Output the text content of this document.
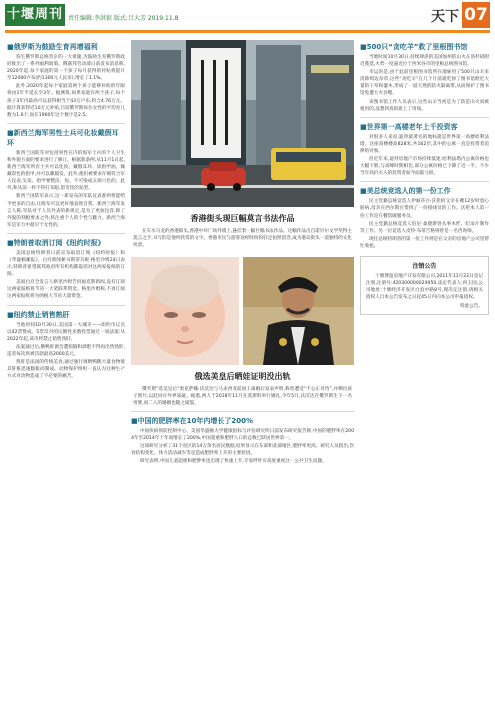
十堰周刊 责任编辑:李洪银 版式:吕大芳 2019.11.8	天下 07
■俄罗斯为鼓励生育再增福利

弥生俄罗斯总统普京的一大难题,为鼓励生育俄罗斯政府推出了一系列福利政策。俄联邦劳动部日前发布消息称,2020年起,每个家庭的第一个孩子每月获得的补贴将提升至12000卢布(约1300元人民币),增长了1.1%。

此外,2020年起每个家庭第两个孩子能够补助的年限将由1年半延长至3年。据测算,如果家庭有两个孩子,每个孩子3年内最高可以获得相当于43万卢布,约合4.76万元。据计算获得近10万元补贴,目前俄罗斯每位女性的平均育儿数为1.6个,而在1960年这个数字是2.5。

■新西兰海军男性士兵可化妆戴假耳环

新西兰国防军对包括男性在内的海军士兵的个人卫生和外貌方面的要求进行了修订。根据新条例,从11月1日起,新西兰海军所有士兵可以化妆、戴假耳环、涂指甲油、佩戴彩色的指甲,并可以戴假发。此外,他们被要求仔细符合军人仪表,头发、指甲要整洁、短、不可染成五颜六色的。此外,和从前一样不得打耳眼,留奇怪的发型。

新西兰国防军表示,这一新发布的军队仪表准则将能给予更多的自由,让海军可以更好地表现自我。新西兰海军发言人称,军队对于人员外表的新规定,是为了更加包容,除了外貌的刻板要求之外,将注重个人的个性与魅力。新西兰海军是军力中最早于女性的。

■特朗普取消订阅《纽约时报》

美国总统特朗普日前宣布取消订阅《纽约时报》和《华盛顿邮报》。白宫新闻秘书斯蒂芬妮·格里沙姆24日表示,特朗普希望联邦政府所有机构都取消对这两家报纸的订阅。

美国白宫全发言人格里沙姆告诉福克斯新闻,没有订阅这两家报纸将节省一大笔联邦资金。格里沙姆称,不再订阅这两家报纸将为纳税人节省大量资金。

■纽约禁止销售熟肝

当地时间10月30日,美国第一大城市——纽约市议员以42票赞成、5票反对的压倒性多数投票通过一项法案:从2022年起,该市将禁止销售熟肝。

法案通过后,鹅鸭肝源会遭损毁和酒吧不得再出售熟肝,违者每次将被罚款最高2000美元。

熟肝是法国的传统美食,通过强行填喂鸭鹅大量食物使其肝脏迅速膨胀而制成。动物保护组织一直认为这种生产方式对动物造成了不必要的痛苦。

香港街头现巨幅莫言书法作品
在车水马龙的香港街头,香港中环广场外墙上,悬挂着一幅巨幅书法作品。这幅作品出自诺贝尔文学奖得主莫言之手,书写的是他所欣赏的文字。香港市民与游客途经时纷纷驻足拍照留念,成为港岛街头一道独特的文化风景。
俄选美皇后晒娃证明没出轨
俄罗斯“选美皇后”奥克萨娜·沃沃达与马来西亚前国王离婚后发表声明,称曾遭受“不公正对待”,并晒出孩子照片,以此回应外界质疑。据悉,两人于2018年11月在莫斯科举行婚礼,今年5月,沃沃达在俄罗斯生下一名男婴,而二人的婚姻也随之破裂。
■中国的肥胖率在10年内增长了200%

中国疾病预防控制中心、美国华盛顿大学健康指标与评估研究所日前发布研究报告称,中国的肥胖率在2004年至2014年十年间增长了200%,中国超重和肥胖人口的总数已跃居世界第一。

这项研究分析了31个省区的14万余名居民数据,结果显示在东部和北部地区,肥胖率更高。研究人员指出,饮食结构变化、体力活动减少等是造成肥胖率上升的主要原因。

研究表明,中国儿童超重和肥胖率也出现了快速上升,专家呼吁应高度重视这一公共卫生问题。

■500只“贪吃羊”救了里根图书馆

当地时间10月30日,持续肆虐的美国加州的山火在洛杉矶附近蔓延,火势一度逼近位于西米谷市的里根总统图书馆。

幸运的是,由于此前里根图书馆所在地雇用了500只山羊来清除周边杂草,这些“贪吃羊”在几个月前就吃掉了图书馆附近大量的干草和灌木,形成了一道天然的防火隔离带,从而保护了图书馆免遭大火吞噬。

该图书馆工作人员表示,这些山羊当初是为了防范山火而被租用的,没想到真的派上了用场。

■世界第一高楼老年上千投资客

对很多人来说,迪拜最著名的地标就是世界第一高楼哈利法塔。这座高楼楼高828米,共162层,其中的公寓一直是投资者追捧的对象。

但近年来,迪拜房地产市场持续低迷,哈利法塔内公寓价格也大幅下跌,与高峰时期相比,部分公寓价格已下降了近一半。不少当年高价买入的投资者如今面临亏损。

■美总统竞选人的第一份工作

民主党籍总统竞选人伊丽莎白·沃伦的父亲在她12岁时患心脏病,母亲在西尔斯百货找了一份接线员的工作。沃伦本人第一份工作是在餐馆做服务员。

民主党籍总统竞选人伯尼·桑德斯曾从事木匠、纪录片制作等工作。另一位竞选人皮特·布蒂吉格则曾是一名咨询师。

现任总统特朗普的第一份工作则是在父亲的房地产公司里帮忙收租。

注销公告
十堰博盈房地产开发有限公司,2011年11月22日登记注册,注册号:420300000024950,法定代表人:何玉园,公司地址:十堰经济开发区白浪中路8号,现决定注销,请相关债权人自本公告发布之日起45日内向本公司申报债权。
特此公告。
